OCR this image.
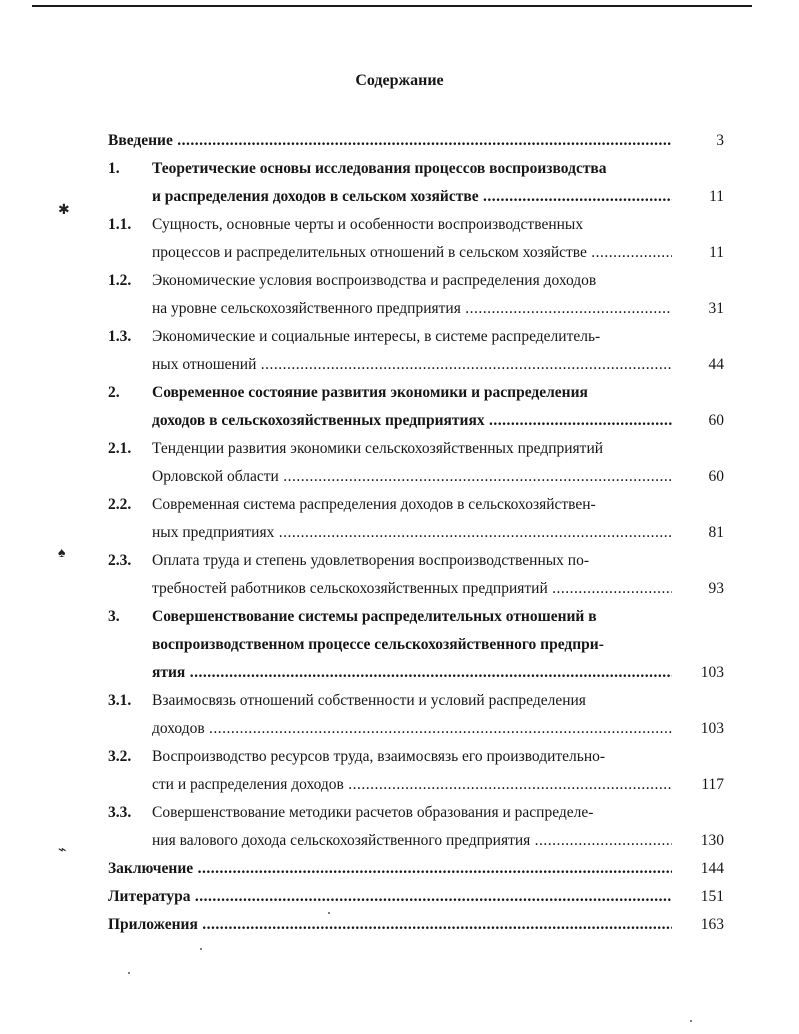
Содержание
✱
♠
⌁
Введение .....	3
1.	Теоретические основы исследования процессов воспроизводства
и распределения доходов в сельском хозяйстве .....	11
1.1.	Сущность, основные черты и особенности воспроизводственных
процессов и распределительных отношений в сельском хозяйстве .....	11
1.2.	Экономические условия воспроизводства и распределения доходов
на уровне сельскохозяйственного предприятия .....	31
1.3.	Экономические и социальные интересы, в системе распределитель-
ных отношений .....	44
2.	Современное состояние развития экономики и распределения
доходов в сельскохозяйственных предприятиях .....	60
2.1.	Тенденции развития экономики сельскохозяйственных предприятий
Орловской области .....	60
2.2.	Современная система распределения доходов в сельскохозяйствен-
ных предприятиях .....	81
2.3.	Оплата труда и степень удовлетворения воспроизводственных по-
требностей работников сельскохозяйственных предприятий .....	93
3.	Совершенствование системы распределительных отношений в
воспроизводственном процессе сельскохозяйственного предпри-
ятия .....	103
3.1.	Взаимосвязь отношений собственности и условий распределения
доходов .....	103
3.2.	Воспроизводство ресурсов труда, взаимосвязь его производительно-
сти и распределения доходов .....	117
3.3.	Совершенствование методики расчетов образования и распределе-
ния валового дохода сельскохозяйственного предприятия .....	130
Заключение .....	144
Литература .....	151
Приложения .....	163
